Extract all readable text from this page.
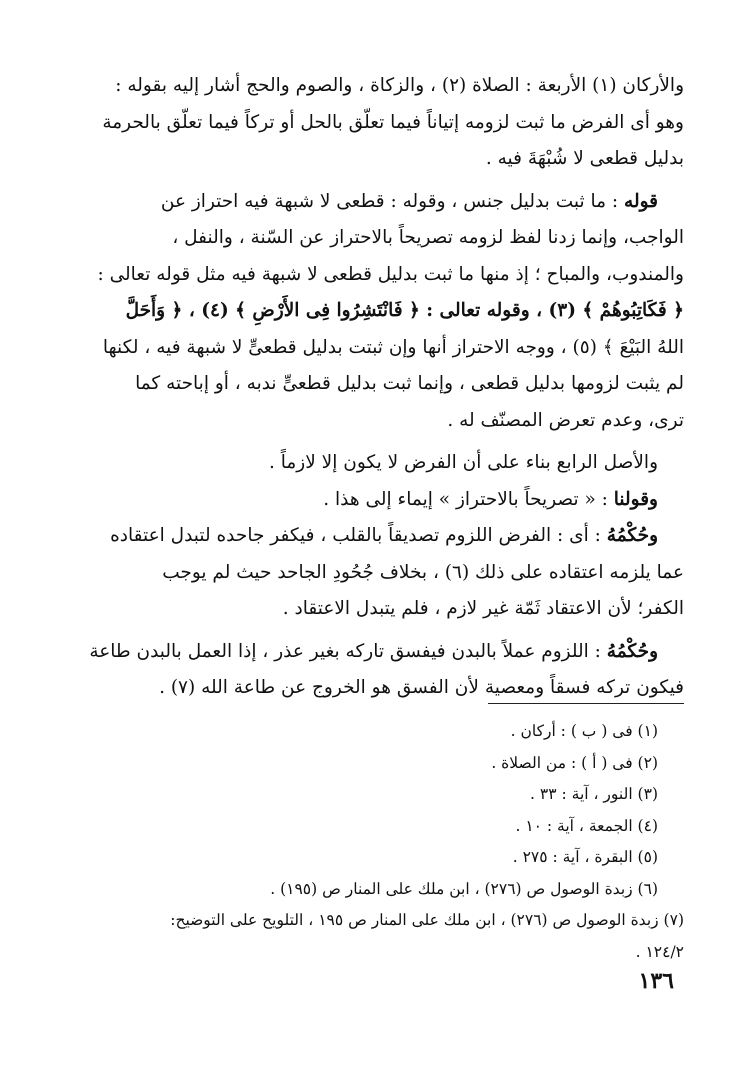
والأركان (١) الأربعة : الصلاة (٢) ، والزكاة ، والصوم والحج أشار إليه بقوله :
وهو أى الفرض ما ثبت لزومه إتياناً فيما تعلّق بالحل أو تركاً فيما تعلّق بالحرمة
بدليل قطعى لا شُبْهَةَ فيه .

قوله : ما ثبت بدليل جنس ، وقوله : قطعى لا شبهة فيه احتراز عن
الواجب، وإنما زدنا لفظ لزومه تصريحاً بالاحتراز عن السّنة ، والنفل ،
والمندوب، والمباح ؛ إذ منها ما ثبت بدليل قطعى لا شبهة فيه مثل قوله تعالى :
﴿ فَكَاتِبُوهُمْ ﴾ (٣) ، وقوله تعالى : ﴿ فَانْتَشِرُوا فِى الأَرْضِ ﴾ (٤) ، ﴿ وَأَحَلَّ
اللهُ البَيْعَ ﴾ (٥) ، ووجه الاحتراز أنها وإن ثبتت بدليل قطعىٍّ لا شبهة فيه ، لكنها
لم يثبت لزومها بدليل قطعى ، وإنما ثبت بدليل قطعىٍّ ندبه ، أو إباحته كما
ترى، وعدم تعرض المصنّف له .

والأصل الرابع بناء على أن الفرض لا يكون إلا لازماً .

وقولنا : « تصريحاً بالاحتراز » إيماء إلى هذا .

وحُكْمُهُ : أى : الفرض اللزوم تصديقاً بالقلب ، فيكفر جاحده لتبدل اعتقاده
عما يلزمه اعتقاده على ذلك (٦) ، بخلاف جُحُودِ الجاحد حيث لم يوجب
الكفر؛ لأن الاعتقاد ثَمّة غير لازم ، فلم يتبدل الاعتقاد .

وحُكْمُهُ : اللزوم عملاً بالبدن فيفسق تاركه بغير عذر ، إذا العمل بالبدن طاعة
فيكون تركه فسقاً ومعصية لأن الفسق هو الخروج عن طاعة الله (٧) .

(١) فى ( ب ) : أركان .
(٢) فى ( أ ) : من الصلاة .
(٣) النور ، آية : ٣٣ .
(٤) الجمعة ، آية : ١٠ .
(٥) البقرة ، آية : ٢٧٥ .
(٦) زبدة الوصول ص (٢٧٦) ، ابن ملك على المنار ص (١٩٥) .
(٧) زبدة الوصول ص (٢٧٦) ، ابن ملك على المنار ص ١٩٥ ، التلويح على التوضيح:
١٢٤/٢ .
١٣٦
